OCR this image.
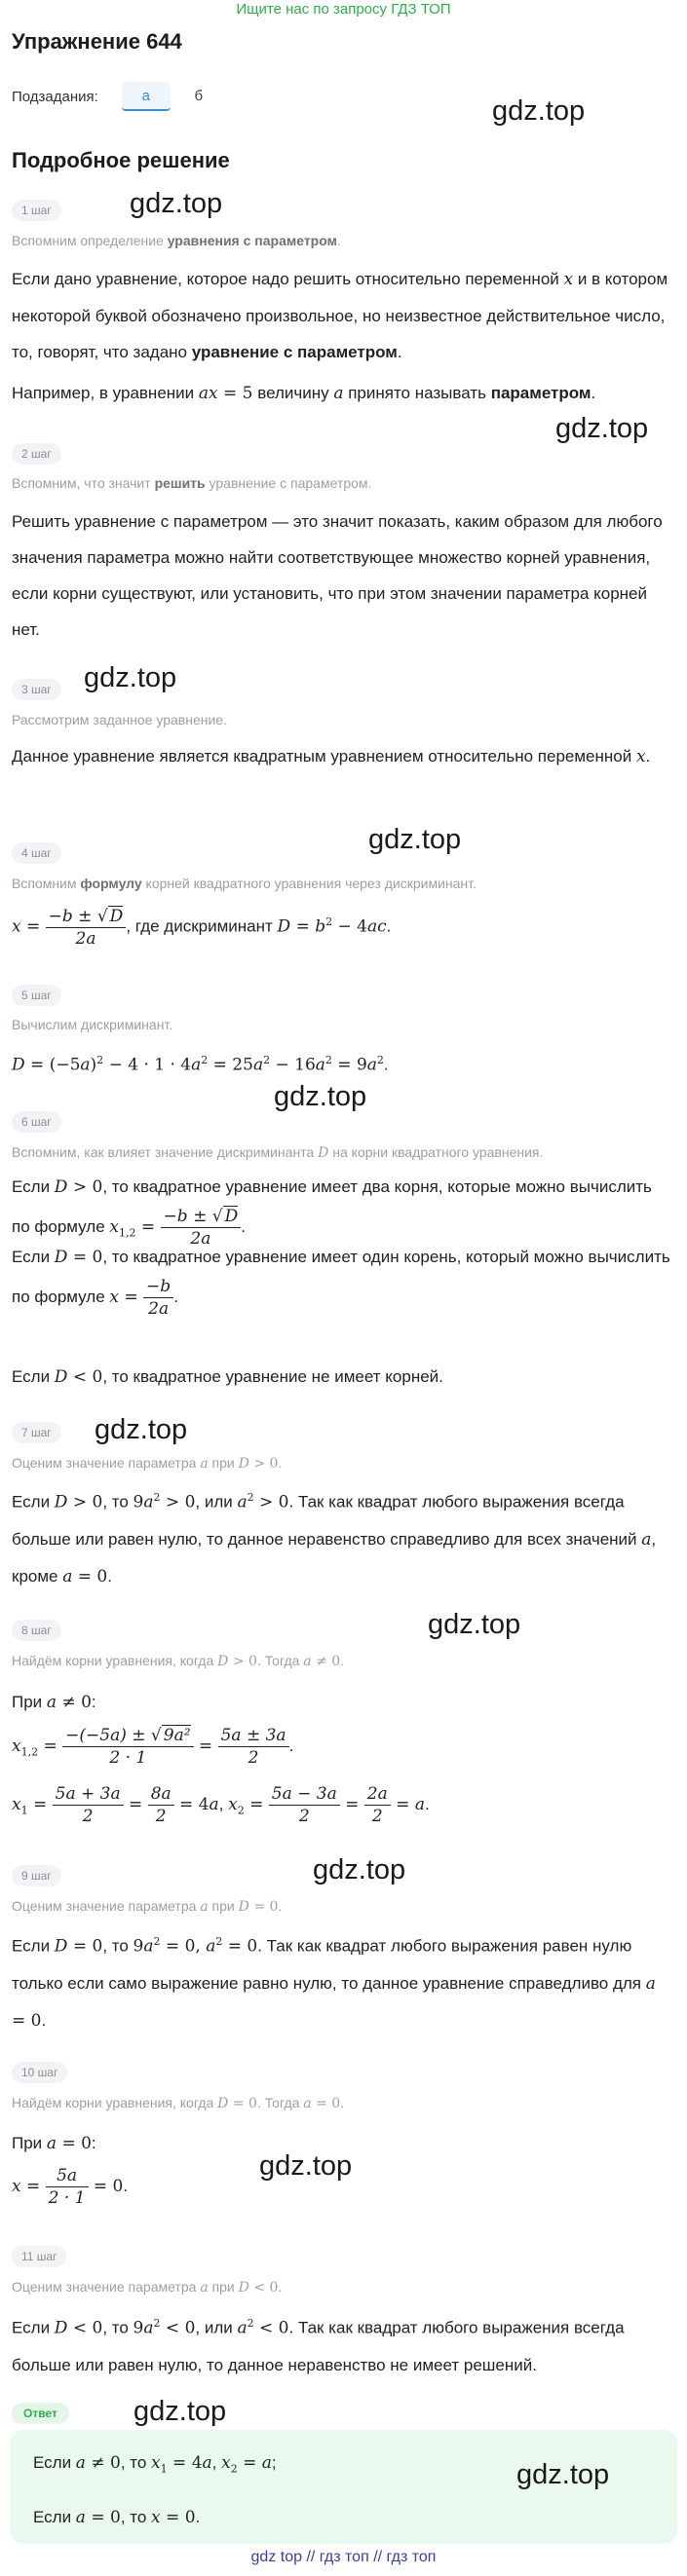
Ищите нас по запросу ГДЗ ТОП
Упражнение 644
Подзадания:	а	б
Подробное решение
gdz.top
gdz.top
gdz.top
gdz.top
gdz.top
gdz.top
gdz.top
gdz.top
gdz.top
gdz.top
gdz.top
1 шаг
Вспомним определение уравнения с параметром.
Если дано уравнение, которое надо решить относительно переменной x и в котором некоторой буквой обозначено произвольное, но неизвестное действительное число, то, говорят, что задано уравнение с параметром.
Например, в уравнении ax = 5 величину a принято называть параметром.
2 шаг
Вспомним, что значит решить уравнение с параметром.
Решить уравнение с параметром — это значит показать, каким образом для любого значения параметра можно найти соответствующее множество корней уравнения, если корни существуют, или установить, что при этом значении параметра корней нет.
3 шаг
Рассмотрим заданное уравнение.
Данное уравнение является квадратным уравнением относительно переменной x.
4 шаг
Вспомним формулу корней квадратного уравнения через дискриминант.
$x = \frac{-b \pm √ D}{2a}$ , где дискриминант $D = b^2 - 4ac$.
5 шаг
Вычислим дискриминант.
$D = (-5a)^2 - 4 \cdot 1 \cdot 4a^2 = 25a^2 - 16a^2 = 9a^2$.
6 шаг
Вспомним, как влияет значение дискриминанта D на корни квадратного уравнения.
Если D > 0, то квадратное уравнение имеет два корня, которые можно вычислить по формуле $x_{1,2} = \frac{-b \pm √ D}{2a}$ .
Если D = 0, то квадратное уравнение имеет один корень, который можно вычислить по формуле $x = \frac{-b}{2a}$ .
Если D < 0, то квадратное уравнение не имеет корней.
7 шаг
Оценим значение параметра a при D > 0.
Если D > 0, то $9a^2 > 0$, или $a^2 > 0$. Так как квадрат любого выражения всегда больше или равен нулю, то данное неравенство справедливо для всех значений a, кроме a = 0.
8 шаг
Найдём корни уравнения, когда D > 0. Тогда a ≠ 0.
При a ≠ 0:
$x_{1,2} = \frac{\text{−(−5a) ± √ 9a²}}{2 \cdot 1} = \frac{5a \pm 3a}{2}$ .
$x_1 = \frac{5a + 3a}{2} = \frac{8a}{2} = 4a$, $x_2 = \frac{5a - 3a}{2} = \frac{2a}{2} = a$.
9 шаг
Оценим значение параметра a при D = 0.
Если D = 0, то $9a^2 = 0$, $a^2 = 0$. Так как квадрат любого выражения равен нулю только если само выражение равно нулю, то данное уравнение справедливо для a = 0.
10 шаг
Найдём корни уравнения, когда D = 0. Тогда a = 0.
При a = 0:
$x = \frac{5a}{2 \cdot 1} = 0$.
11 шаг
Оценим значение параметра a при D < 0.
Если D < 0, то $9a^2 < 0$, или $a^2 < 0$. Так как квадрат любого выражения всегда больше или равен нулю, то данное неравенство не имеет решений.
Ответ
gdz.top
Если a ≠ 0, то $x_1 = 4a$, $x_2 = a$;
Если a = 0, то x = 0.
gdz top // гдз топ // гдз топ
